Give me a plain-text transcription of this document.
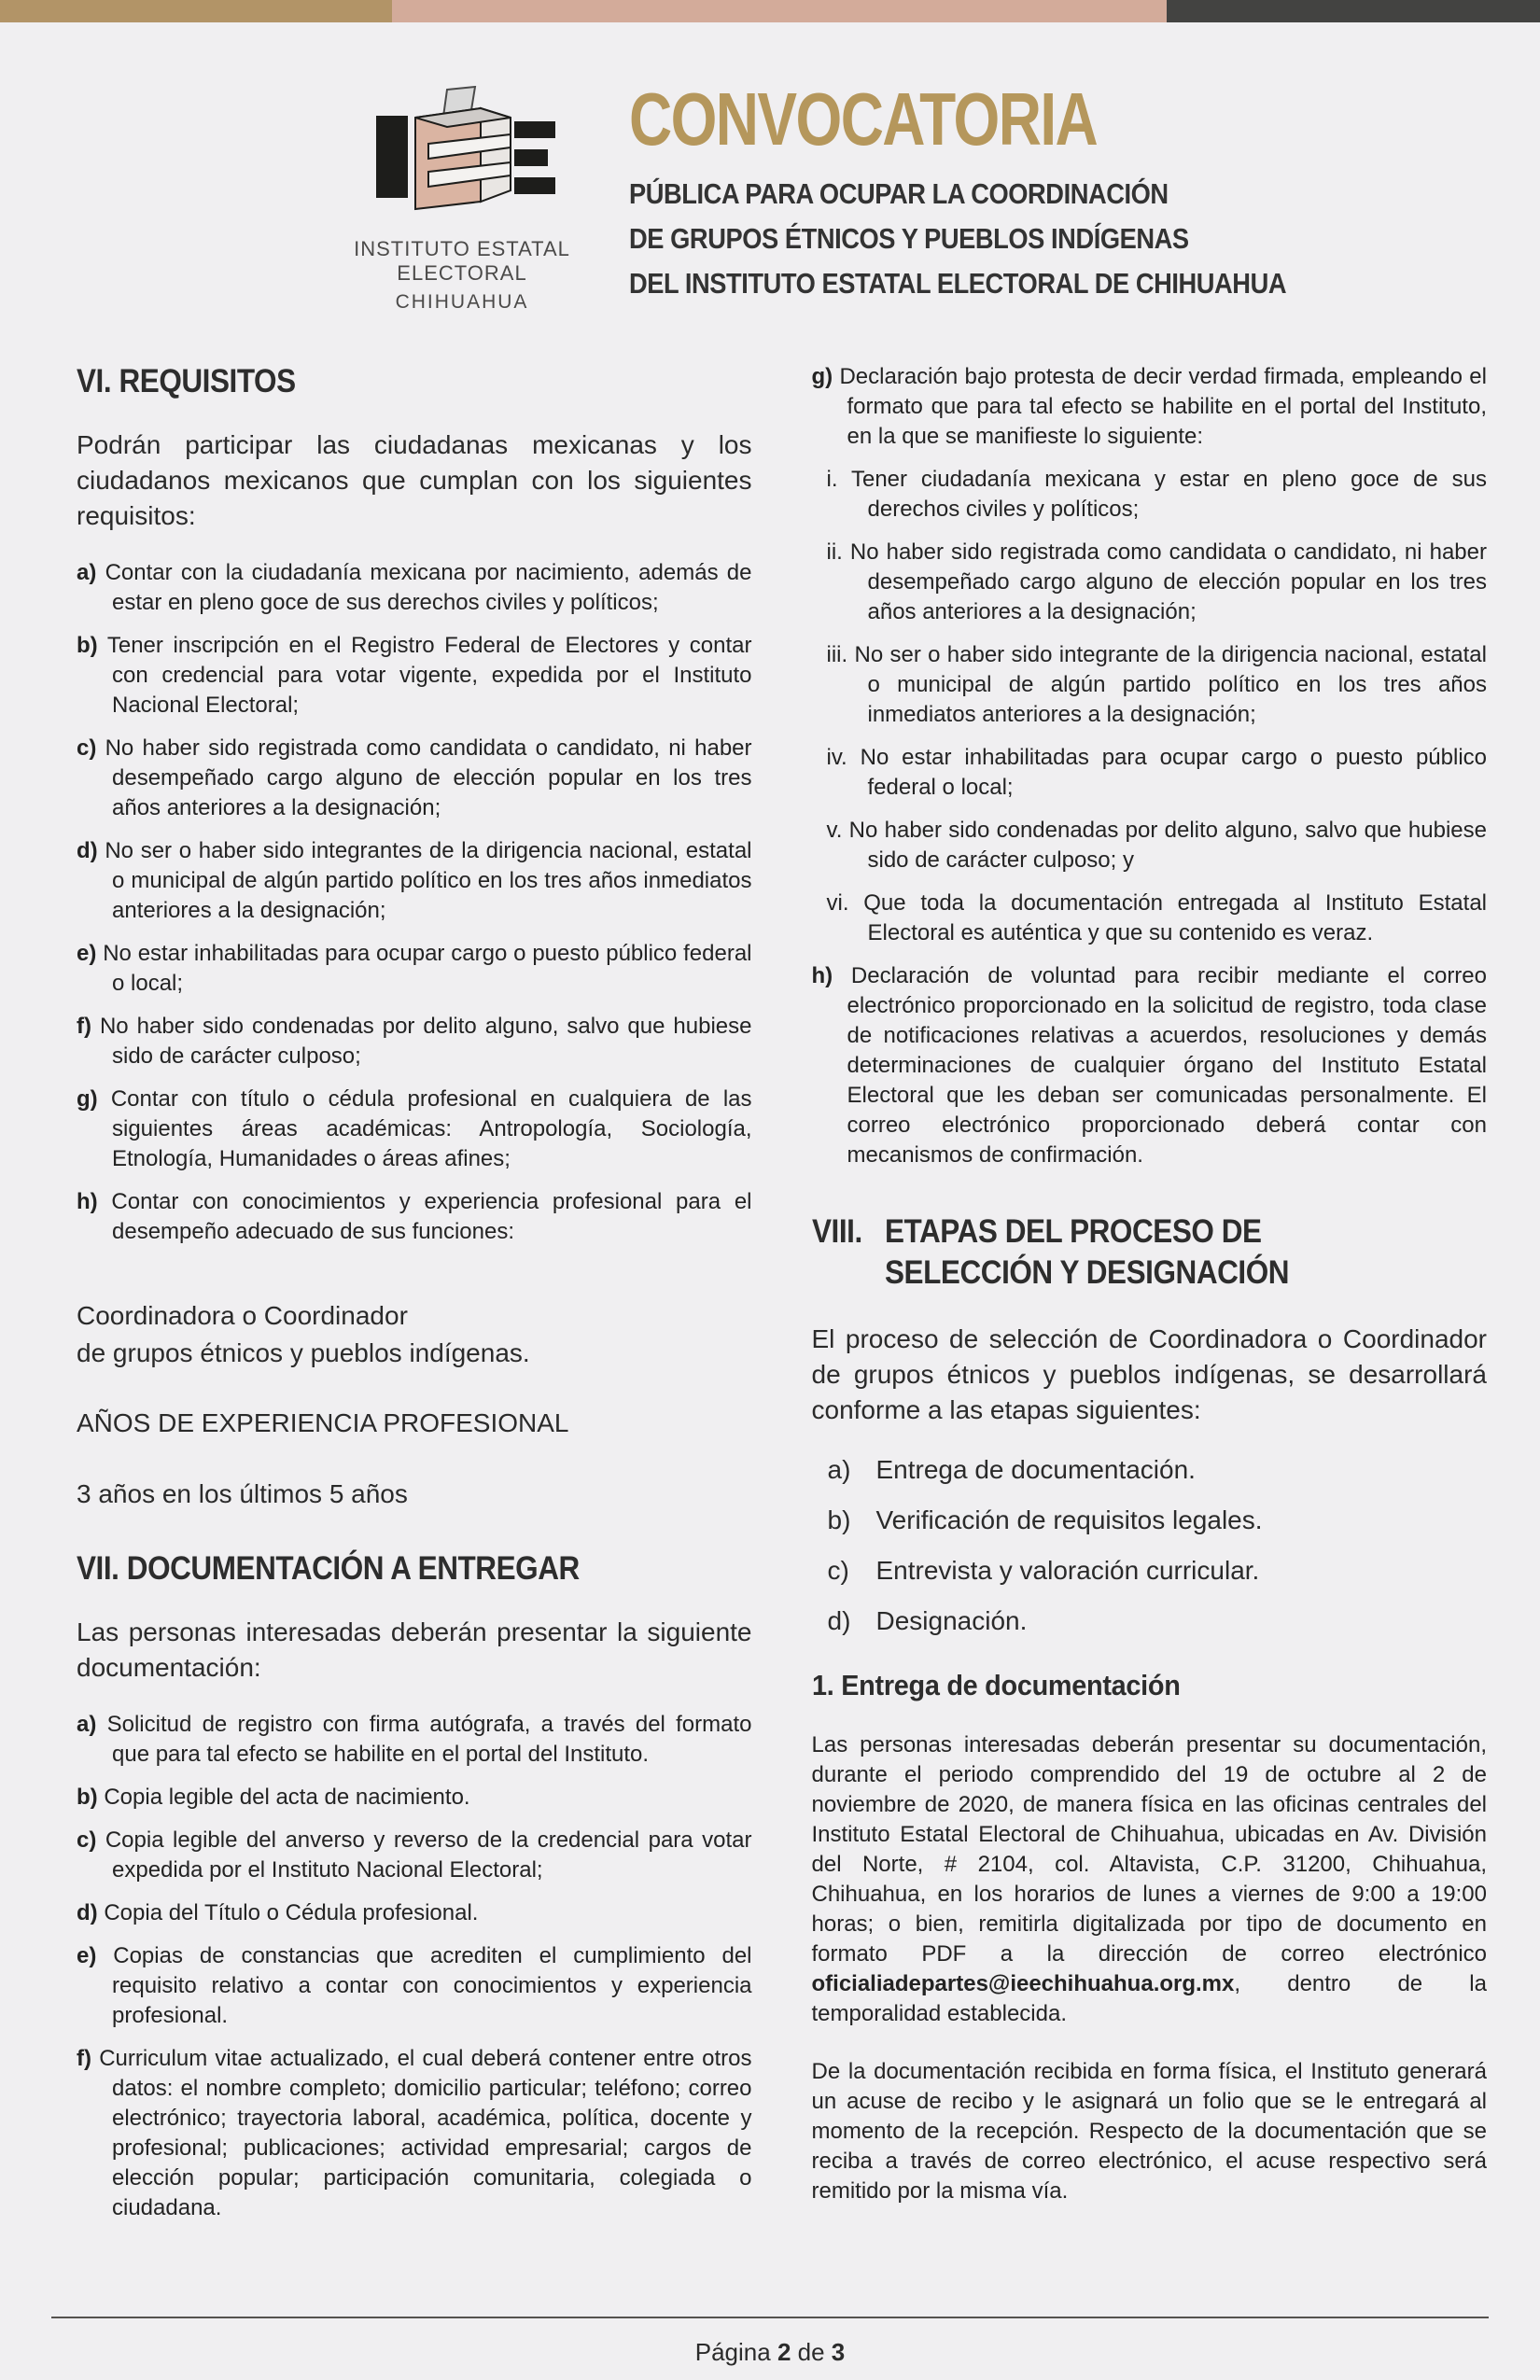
INSTITUTO ESTATAL ELECTORAL
CHIHUAHUA
CONVOCATORIA
PÚBLICA PARA OCUPAR LA COORDINACIÓN
DE GRUPOS ÉTNICOS Y PUEBLOS INDÍGENAS
DEL INSTITUTO ESTATAL ELECTORAL DE CHIHUAHUA
VI. REQUISITOS

Podrán participar las ciudadanas mexicanas y los ciudadanos mexicanos que cumplan con los siguientes requisitos:

a) Contar con la ciudadanía mexicana por nacimiento, además de estar en pleno goce de sus derechos civiles y políticos;
b) Tener inscripción en el Registro Federal de Electores y contar con credencial para votar vigente, expedida por el Instituto Nacional Electoral;
c) No haber sido registrada como candidata o candidato, ni haber desempeñado cargo alguno de elección popular en los tres años anteriores a la designación;
d) No ser o haber sido integrantes de la dirigencia nacional, estatal o municipal de algún partido político en los tres años inmediatos anteriores a la designación;
e) No estar inhabilitadas para ocupar cargo o puesto público federal o local;
f) No haber sido condenadas por delito alguno, salvo que hubiese sido de carácter culposo;
g) Contar con título o cédula profesional en cualquiera de las siguientes áreas académicas: Antropología, Sociología, Etnología, Humanidades o áreas afines;
h) Contar con conocimientos y experiencia profesional para el desempeño adecuado de sus funciones:
Coordinadora o Coordinador
de grupos étnicos y pueblos indígenas.
AÑOS DE EXPERIENCIA PROFESIONAL
3 años en los últimos 5 años
VII. DOCUMENTACIÓN A ENTREGAR

Las personas interesadas deberán presentar la siguiente documentación:

a) Solicitud de registro con firma autógrafa, a través del formato que para tal efecto se habilite en el portal del Instituto.
b) Copia legible del acta de nacimiento.
c) Copia legible del anverso y reverso de la credencial para votar expedida por el Instituto Nacional Electoral;
d) Copia del Título o Cédula profesional.
e) Copias de constancias que acrediten el cumplimiento del requisito relativo a contar con conocimientos y experiencia profesional.
f) Curriculum vitae actualizado, el cual deberá contener entre otros datos: el nombre completo; domicilio particular; teléfono; correo electrónico; trayectoria laboral, académica, política, docente y profesional; publicaciones; actividad empresarial; cargos de elección popular; participación comunitaria, colegiada o ciudadana.
g) Declaración bajo protesta de decir verdad firmada, empleando el formato que para tal efecto se habilite en el portal del Instituto, en la que se manifieste lo siguiente:
i. Tener ciudadanía mexicana y estar en pleno goce de sus derechos civiles y políticos;
ii. No haber sido registrada como candidata o candidato, ni haber desempeñado cargo alguno de elección popular en los tres años anteriores a la designación;
iii. No ser o haber sido integrante de la dirigencia nacional, estatal o municipal de algún partido político en los tres años inmediatos anteriores a la designación;
iv. No estar inhabilitadas para ocupar cargo o puesto público federal o local;
v. No haber sido condenadas por delito alguno, salvo que hubiese sido de carácter culposo; y
vi. Que toda la documentación entregada al Instituto Estatal Electoral es auténtica y que su contenido es veraz.
h) Declaración de voluntad para recibir mediante el correo electrónico proporcionado en la solicitud de registro, toda clase de notificaciones relativas a acuerdos, resoluciones y demás determinaciones de cualquier órgano del Instituto Estatal Electoral que les deban ser comunicadas personalmente. El correo electrónico proporcionado deberá contar con mecanismos de confirmación.
VIII. ETAPAS DEL PROCESO DE
SELECCIÓN Y DESIGNACIÓN

El proceso de selección de Coordinadora o Coordinador de grupos étnicos y pueblos indígenas, se desarrollará conforme a las etapas siguientes:

a) Entrega de documentación.
b) Verificación de requisitos legales.
c)	Entrevista y valoración curricular.
d) Designación.
1. Entrega de documentación

Las personas interesadas deberán presentar su documentación, durante el periodo comprendido del 19 de octubre al 2 de noviembre de 2020, de manera física en las oficinas centrales del Instituto Estatal Electoral de Chihuahua, ubicadas en Av. División del Norte, # 2104, col. Altavista, C.P. 31200, Chihuahua, Chihuahua, en los horarios de lunes a viernes de 9:00 a 19:00 horas; o bien, remitirla digitalizada por tipo de documento en formato PDF a la dirección de correo electrónico oficialiadepartes@ieechihuahua.org.mx, dentro de la temporalidad establecida.

De la documentación recibida en forma física, el Instituto generará un acuse de recibo y le asignará un folio que se le entregará al momento de la recepción. Respecto de la documentación que se reciba a través de correo electrónico, el acuse respectivo será remitido por la misma vía.

Página 2 de 3
